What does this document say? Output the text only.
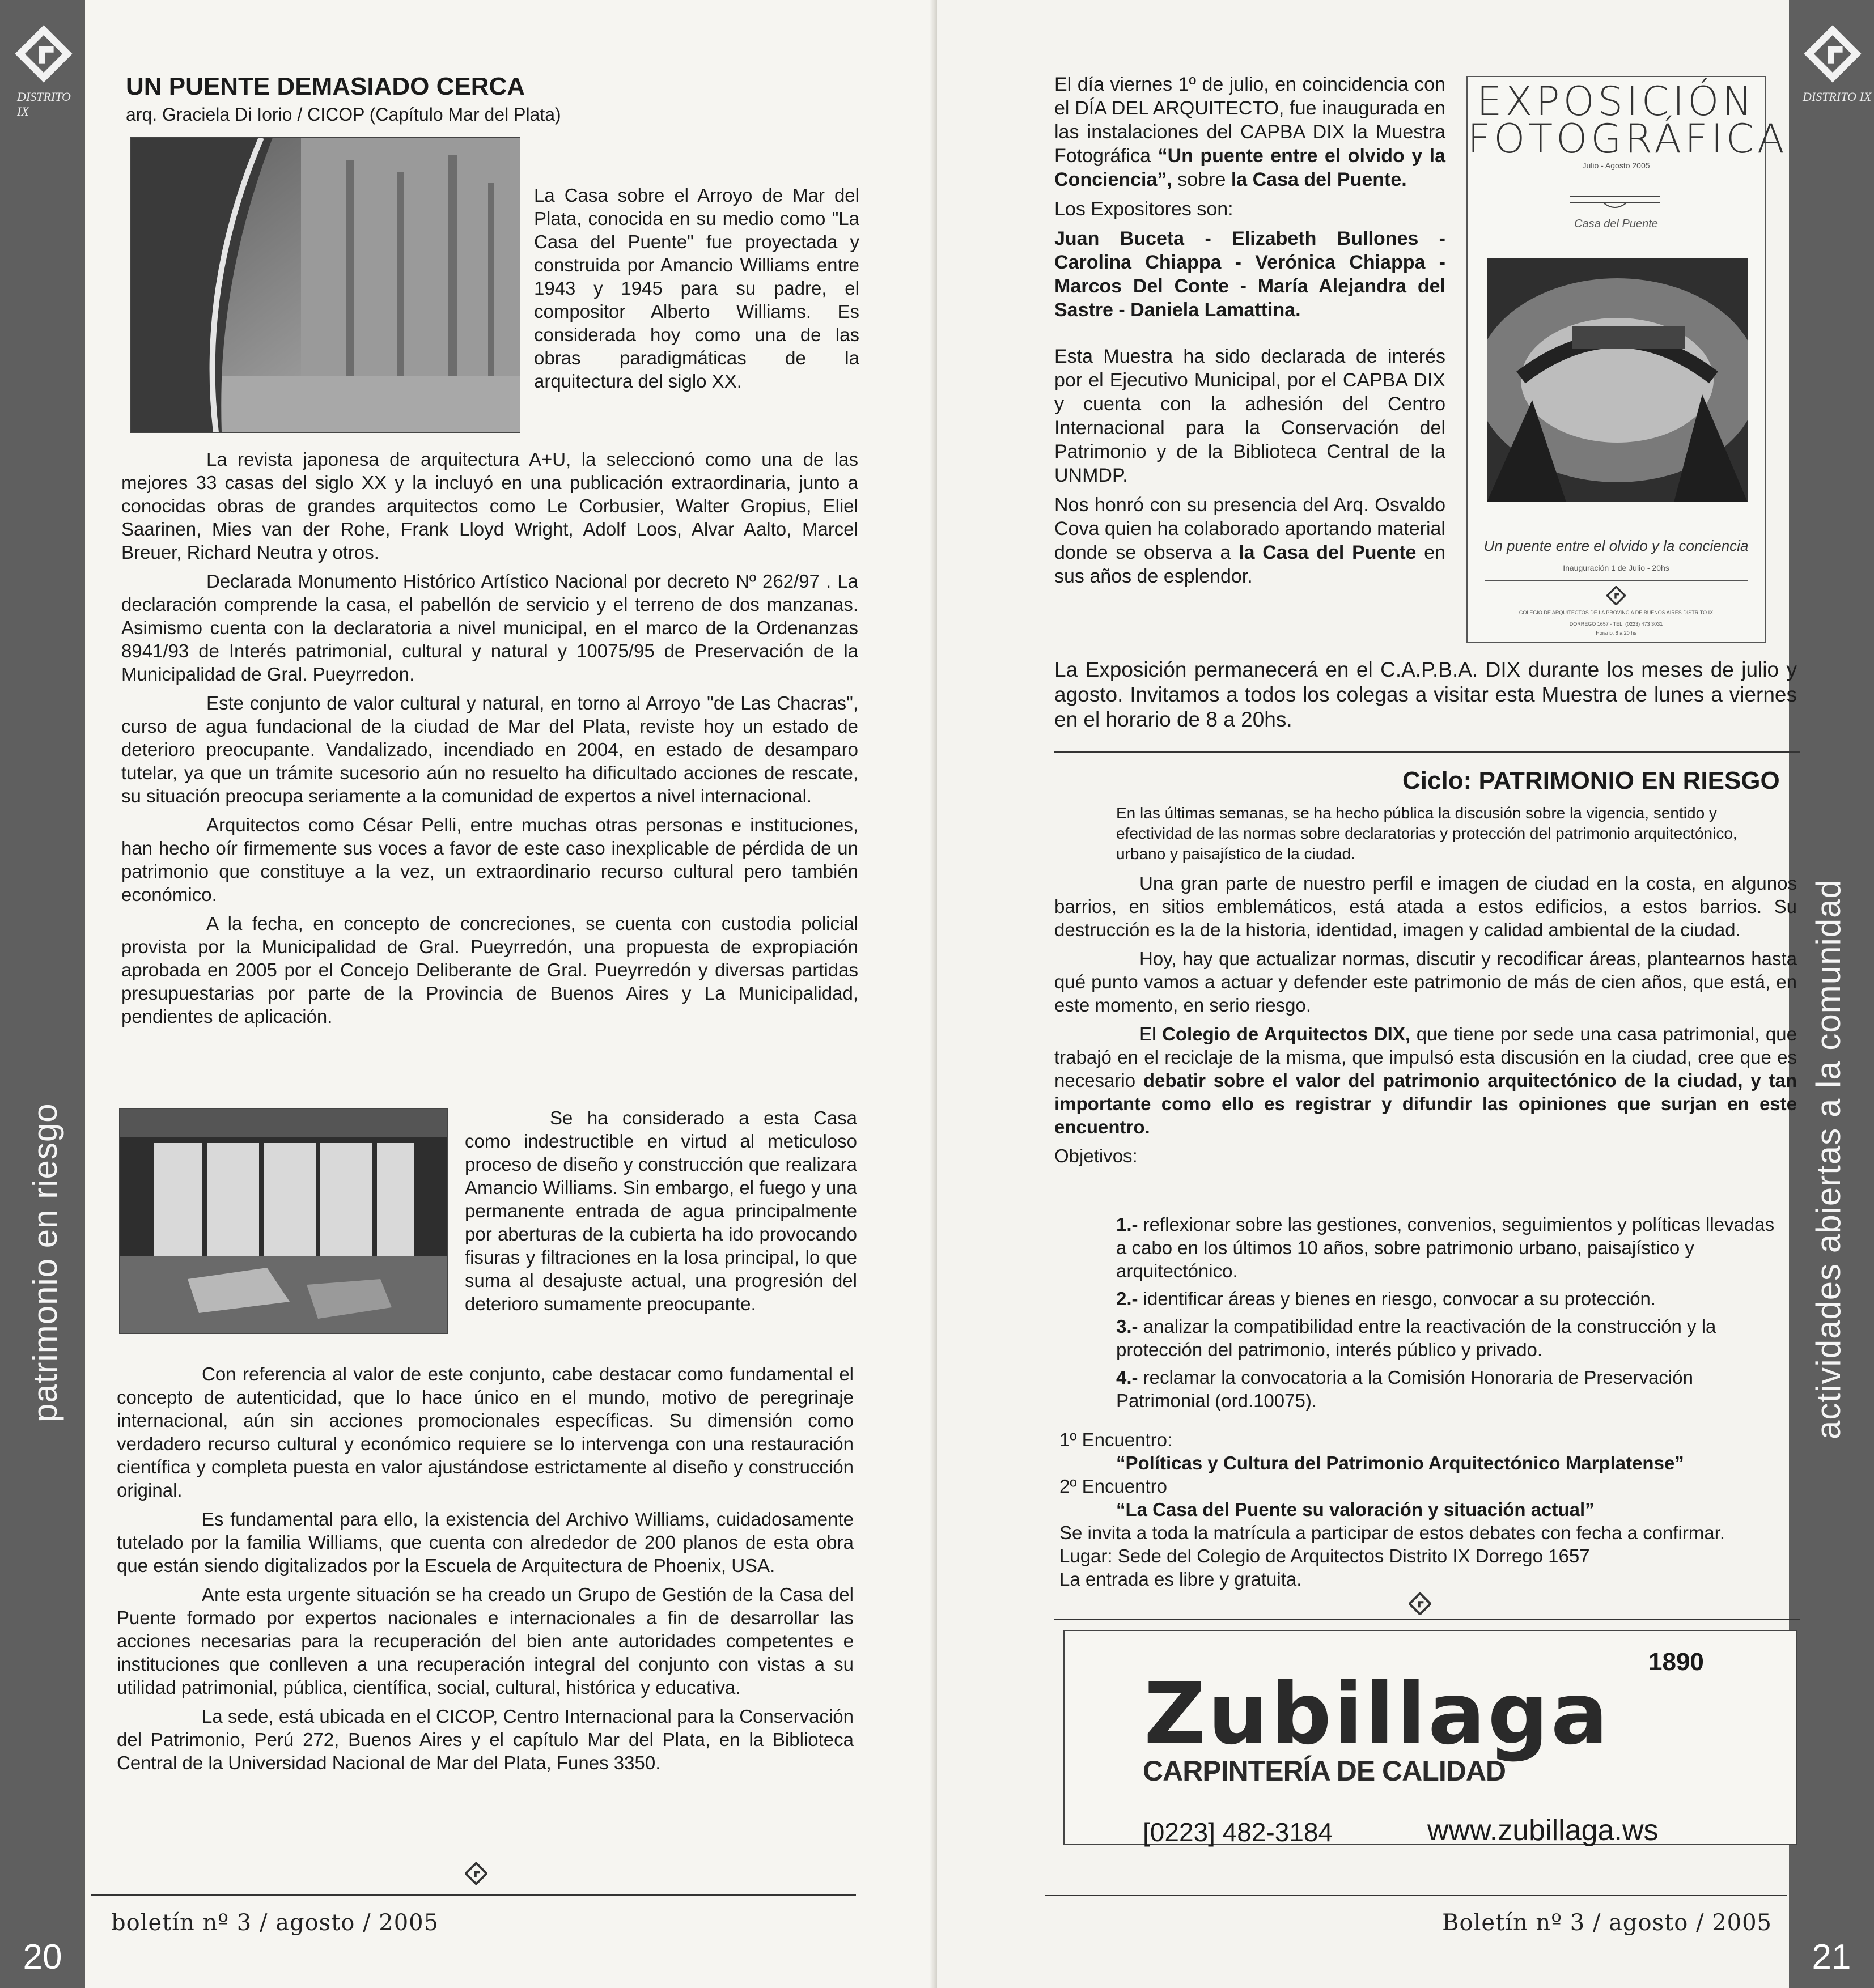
DISTRITO IX
patrimonio en riesgo
20
UN PUENTE DEMASIADO CERCA
arq. Graciela Di Iorio / CICOP (Capítulo Mar del Plata)

La Casa sobre el Arroyo de Mar del Plata, conocida en su medio como "La Casa del Puente" fue proyectada y construida por Amancio Williams entre 1943 y 1945 para su padre, el compositor Alberto Williams. Es considerada hoy como una de las obras paradigmáticas de la arquitectura del siglo XX.

La revista japonesa de arquitectura A+U, la seleccionó como una de las mejores 33 casas del siglo XX y la incluyó en una publicación extraordinaria, junto a conocidas obras de grandes arquitectos como Le Corbusier, Walter Gropius, Eliel Saarinen, Mies van der Rohe, Frank Lloyd Wright, Adolf Loos, Alvar Aalto, Marcel Breuer, Richard Neutra y otros.

Declarada Monumento Histórico Artístico Nacional por decreto Nº 262/97 . La declaración comprende la casa, el pabellón de servicio y el terreno de dos manzanas. Asimismo cuenta con la declaratoria a nivel municipal, en el marco de la Ordenanzas 8941/93 de Interés patrimonial, cultural y natural y 10075/95 de Preservación de la Municipalidad de Gral. Pueyrredon.

Este conjunto de valor cultural y natural, en torno al Arroyo "de Las Chacras", curso de agua fundacional de la ciudad de Mar del Plata, reviste hoy un estado de deterioro preocupante. Vandalizado, incendiado en 2004, en estado de desamparo tutelar, ya que un trámite sucesorio aún no resuelto ha dificultado acciones de rescate, su situación preocupa seriamente a la comunidad de expertos a nivel internacional.

Arquitectos como César Pelli, entre muchas otras personas e instituciones, han hecho oír firmemente sus voces a favor de este caso inexplicable de pérdida de un patrimonio que constituye a la vez, un extraordinario recurso cultural pero también económico.

A la fecha, en concepto de concreciones, se cuenta con custodia policial provista por la Municipalidad de Gral. Pueyrredón, una propuesta de expropiación aprobada en 2005 por el Concejo Deliberante de Gral. Pueyrredón y diversas partidas presupuestarias por parte de la Provincia de Buenos Aires y La Municipalidad, pendientes de aplicación.

Se ha considerado a esta Casa como indestructible en virtud al meticuloso proceso de diseño y construcción que realizara Amancio Williams. Sin embargo, el fuego y una permanente entrada de agua principalmente por aberturas de la cubierta ha ido provocando fisuras y filtraciones en la losa principal, lo que suma al desajuste actual, una progresión del deterioro sumamente preocupante.

Con referencia al valor de este conjunto, cabe destacar como fundamental el concepto de autenticidad, que lo hace único en el mundo, motivo de peregrinaje internacional, aún sin acciones promocionales específicas. Su dimensión como verdadero recurso cultural y económico requiere se lo intervenga con una restauración científica y completa puesta en valor ajustándose estrictamente al diseño y construcción original.

Es fundamental para ello, la existencia del Archivo Williams, cuidadosamente tutelado por la familia Williams, que cuenta con alrededor de 200 planos de esta obra que están siendo digitalizados por la Escuela de Arquitectura de Phoenix, USA.

Ante esta urgente situación se ha creado un Grupo de Gestión de la Casa del Puente formado por expertos nacionales e internacionales a fin de desarrollar las acciones necesarias para la recuperación del bien ante autoridades competentes e instituciones que conlleven a una recuperación integral del conjunto con vistas a su utilidad patrimonial, pública, científica, social, cultural, histórica y educativa.

La sede, está ubicada en el CICOP, Centro Internacional para la Conservación del Patrimonio, Perú 272, Buenos Aires y el capítulo Mar del Plata, en la Biblioteca Central de la Universidad Nacional de Mar del Plata, Funes 3350.

boletín nº 3 / agosto / 2005
DISTRITO IX
actividades abiertas a la comunidad
21

El día viernes 1º de julio, en coincidencia con el DÍA DEL ARQUITECTO, fue inaugurada en las instalaciones del CAPBA DIX la Muestra Fotográfica “Un puente entre el olvido y la Conciencia”, sobre la Casa del Puente.

Los Expositores son:

Juan Buceta - Elizabeth Bullones - Carolina Chiappa - Verónica Chiappa - Marcos Del Conte - María Alejandra del Sastre - Daniela Lamattina.

Esta Muestra ha sido declarada de interés por el Ejecutivo Municipal, por el CAPBA DIX y cuenta con la adhesión del Centro Internacional para la Conservación del Patrimonio y de la Biblioteca Central de la UNMDP.

Nos honró con su presencia del Arq. Osvaldo Cova quien ha colaborado aportando material donde se observa a la Casa del Puente en sus años de esplendor.

EXPOSICIÓN
FOTOGRÁFICA
Julio - Agosto 2005
Casa del Puente
Un puente entre el olvido y la conciencia
Inauguración 1 de Julio - 20hs
COLEGIO DE ARQUITECTOS DE LA PROVINCIA DE BUENOS AIRES DISTRITO IX
DORREGO 1657 - TEL: (0223) 473 3031
Horario: 8 a 20 hs

La Exposición permanecerá en el C.A.P.B.A. DIX durante los meses de julio y agosto. Invitamos a todos los colegas a visitar esta Muestra de lunes a viernes en el horario de 8 a 20hs.

Ciclo: PATRIMONIO EN RIESGO

En las últimas semanas, se ha hecho pública la discusión sobre la vigencia, sentido y efectividad de las normas sobre declaratorias y protección del patrimonio arquitectónico, urbano y paisajístico de la ciudad.

Una gran parte de nuestro perfil e imagen de ciudad en la costa, en algunos barrios, en sitios emblemáticos, está atada a estos edificios, a estos barrios. Su destrucción es la de la historia, identidad, imagen y calidad ambiental de la ciudad.

Hoy, hay que actualizar normas, discutir y recodificar áreas, plantearnos hasta qué punto vamos a actuar y defender este patrimonio de más de cien años, que está, en este momento, en serio riesgo.

El Colegio de Arquitectos DIX, que tiene por sede una casa patrimonial, que trabajó en el reciclaje de la misma, que impulsó esta discusión en la ciudad, cree que es necesario debatir sobre el valor del patrimonio arquitectónico de la ciudad, y tan importante como ello es registrar y difundir las opiniones que surjan en este encuentro.

Objetivos:

1.- reflexionar sobre las gestiones, convenios, seguimientos y políticas llevadas a cabo en los últimos 10 años, sobre patrimonio urbano, paisajístico y arquitectónico.
2.- identificar áreas y bienes en riesgo, convocar a su protección.
3.- analizar la compatibilidad entre la reactivación de la construcción y la protección del patrimonio, interés público y privado.
4.- reclamar la convocatoria a la Comisión Honoraria de Preservación Patrimonial (ord.10075).
1º Encuentro:
“Políticas y Cultura del Patrimonio Arquitectónico Marplatense”
2º Encuentro
“La Casa del Puente su valoración y situación actual”
Se invita a toda la matrícula a participar de estos debates con fecha a confirmar.
Lugar: Sede del Colegio de Arquitectos Distrito IX Dorrego 1657
La entrada es libre y gratuita.
1890
Zubillaga
CARPINTERÍA DE CALIDAD
[0223] 482-3184	www.zubillaga.ws
Boletín nº 3 / agosto / 2005
